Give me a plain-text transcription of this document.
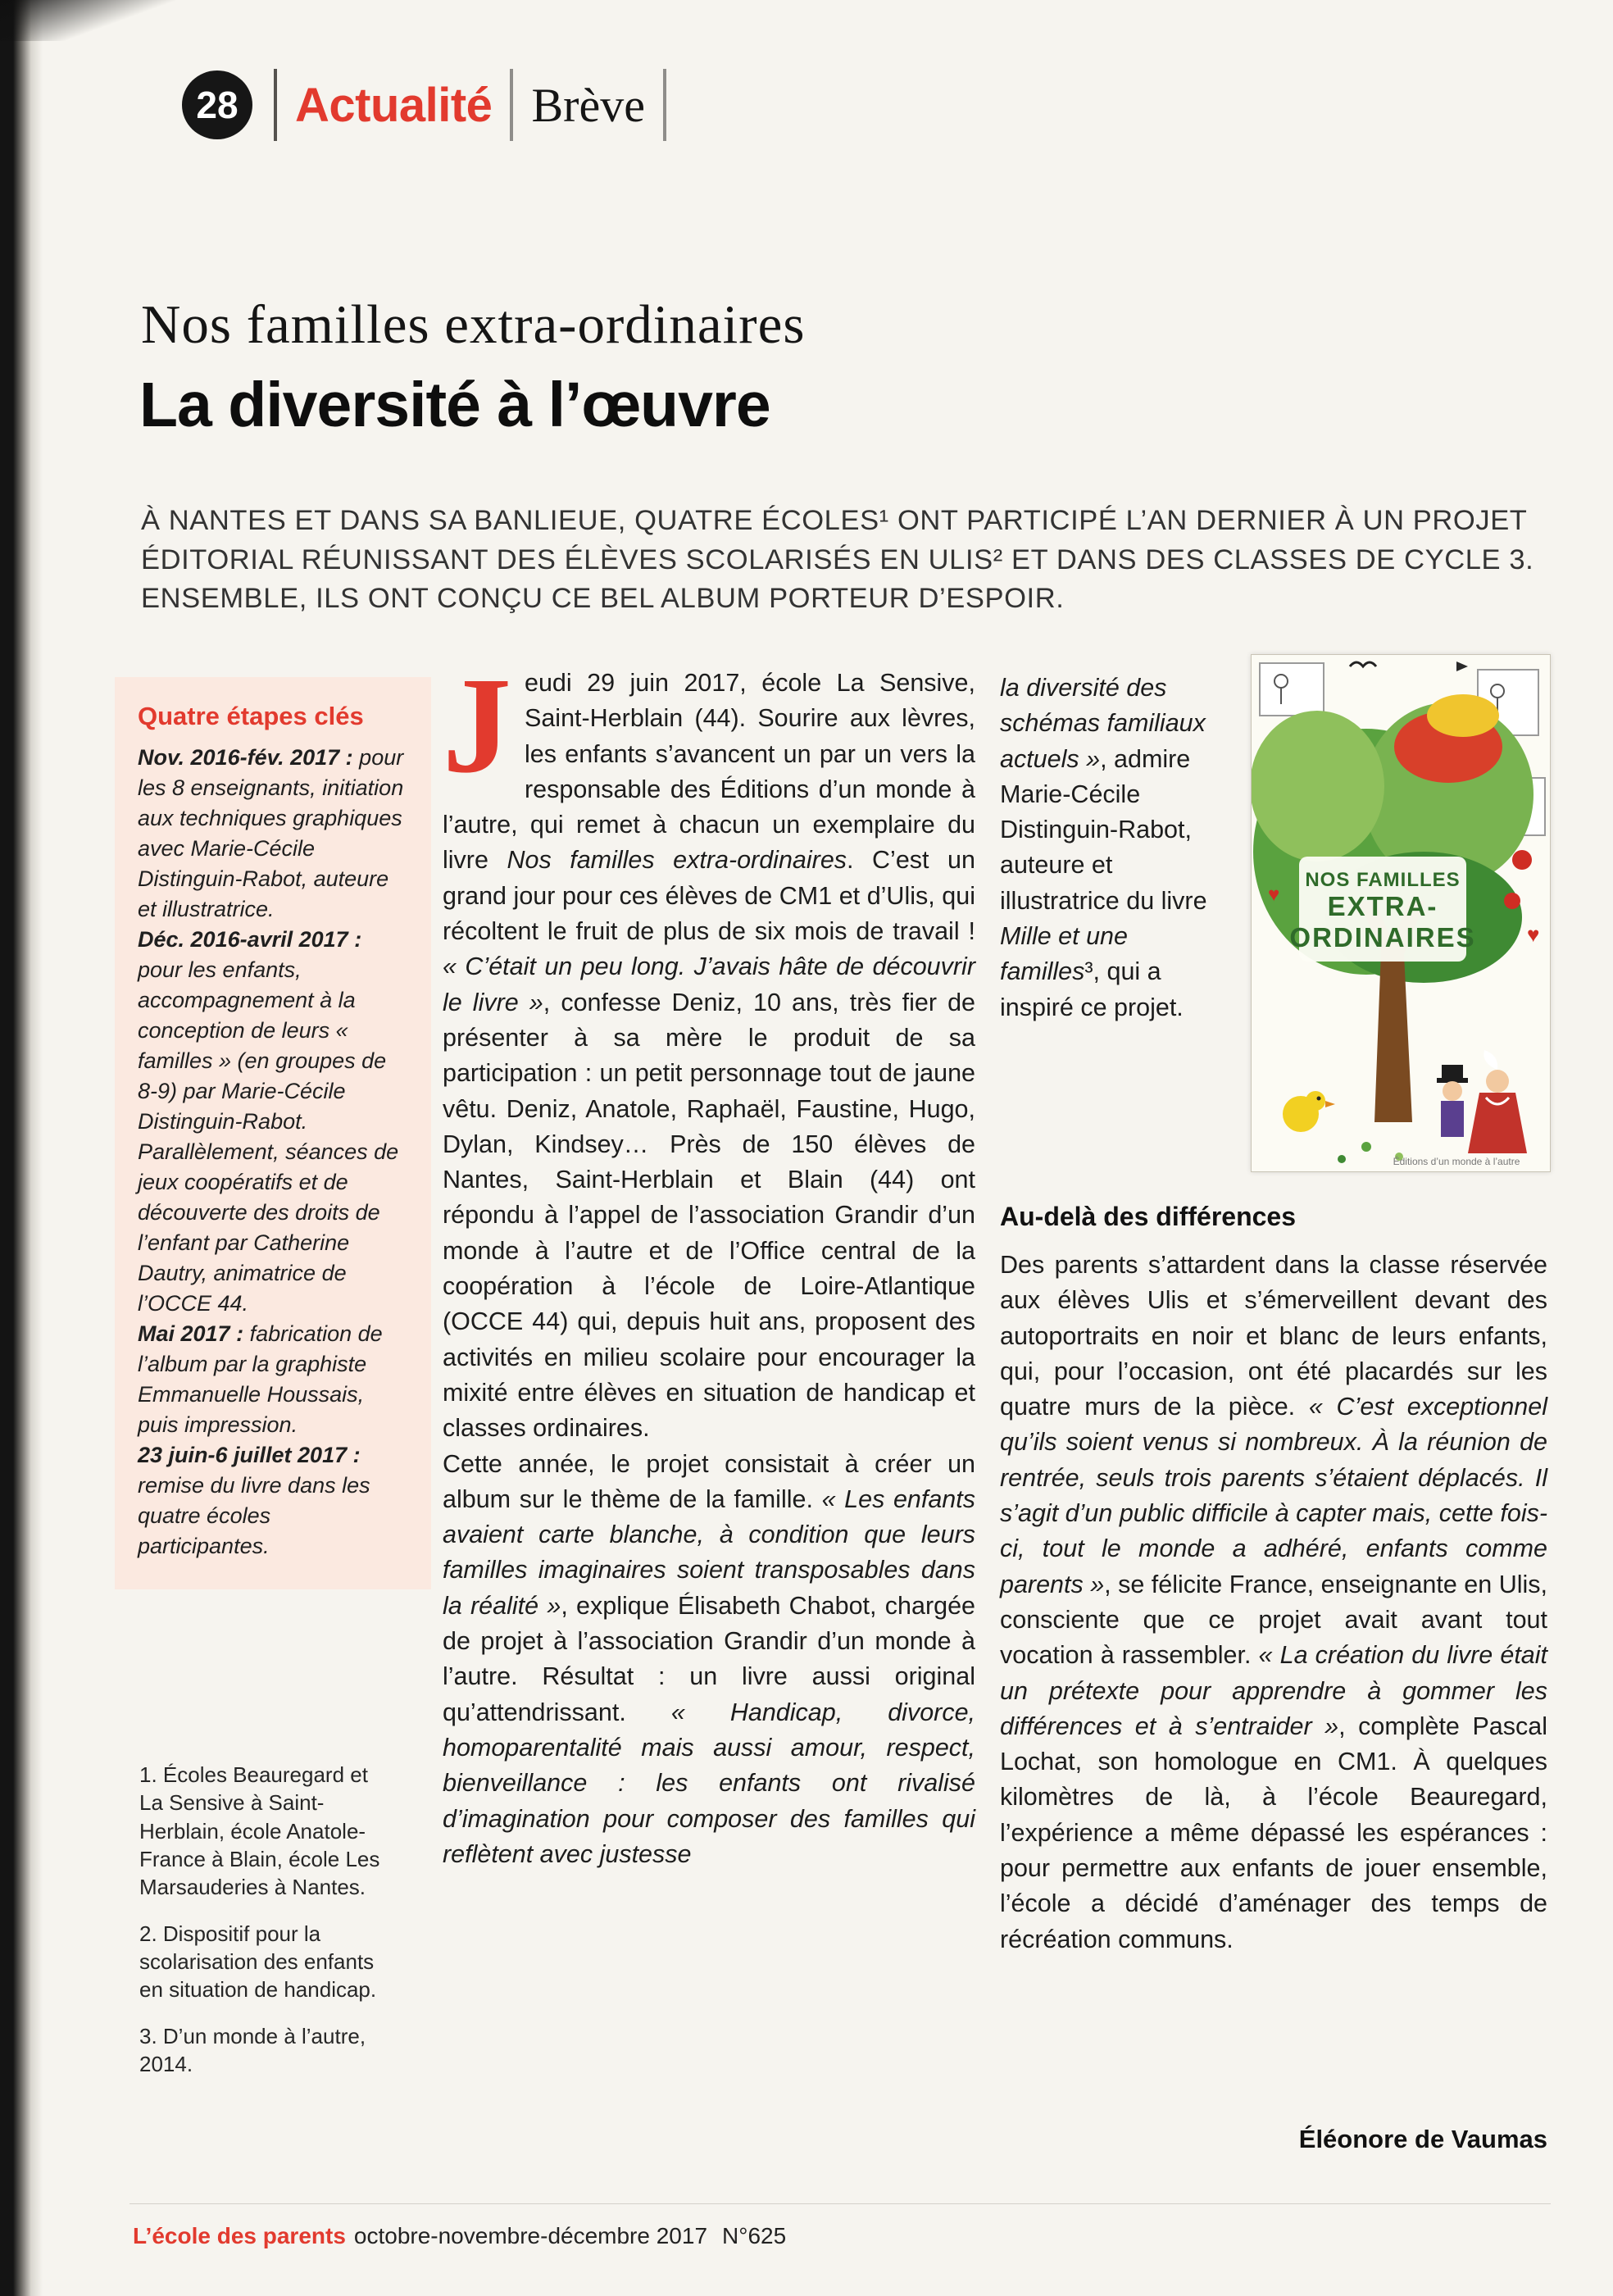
28	Actualité Brève
Nos familles extra-ordinaires
La diversité à l’œuvre
À NANTES ET DANS SA BANLIEUE, QUATRE ÉCOLES¹ ONT PARTICIPÉ L’AN DERNIER À UN PROJET ÉDITORIAL RÉUNISSANT DES ÉLÈVES SCOLARISÉS EN ULIS² ET DANS DES CLASSES DE CYCLE 3. ENSEMBLE, ILS ONT CONÇU CE BEL ALBUM PORTEUR D’ESPOIR.
Quatre étapes clés
Nov. 2016-fév. 2017 : pour les 8 enseignants, initiation aux techniques graphiques avec Marie-Cécile Distinguin-Rabot, auteure et illustratrice.
Déc. 2016-avril 2017 : pour les enfants, accompagnement à la conception de leurs « familles » (en groupes de 8-9) par Marie-Cécile Distinguin-Rabot. Parallèlement, séances de jeux coopératifs et de découverte des droits de l’enfant par Catherine Dautry, animatrice de l’OCCE 44.
Mai 2017 : fabrication de l’album par la graphiste Emmanuelle Houssais, puis impression.
23 juin-6 juillet 2017 : remise du livre dans les quatre écoles participantes.

1. Écoles Beauregard et La Sensive à Saint-Herblain, école Anatole-France à Blain, école Les Marsauderies à Nantes.

2. Dispositif pour la scolarisation des enfants en situation de handicap.

3. D’un monde à l’autre, 2014.

Jeudi 29 juin 2017, école La Sensive, Saint-Herblain (44). Sourire aux lèvres, les enfants s’avancent un par un vers la responsable des Éditions d’un monde à l’autre, qui remet à chacun un exemplaire du livre Nos familles extra-ordinaires. C’est un grand jour pour ces élèves de CM1 et d’Ulis, qui récoltent le fruit de plus de six mois de travail ! « C’était un peu long. J’avais hâte de découvrir le livre », confesse Deniz, 10 ans, très fier de présenter à sa mère le produit de sa participation : un petit personnage tout de jaune vêtu. Deniz, Anatole, Raphaël, Faustine, Hugo, Dylan, Kindsey… Près de 150 élèves de Nantes, Saint-Herblain et Blain (44) ont répondu à l’appel de l’association Grandir d’un monde à l’autre et de l’Office central de la coopération à l’école de Loire-Atlantique (OCCE 44) qui, depuis huit ans, proposent des activités en milieu scolaire pour encourager la mixité entre élèves en situation de handicap et classes ordinaires.

Cette année, le projet consistait à créer un album sur le thème de la famille. « Les enfants avaient carte blanche, à condition que leurs familles imaginaires soient transposables dans la réalité », explique Élisabeth Chabot, chargée de projet à l’association Grandir d’un monde à l’autre. Résultat : un livre aussi original qu’attendrissant. « Handicap, divorce, homoparentalité mais aussi amour, respect, bienveillance : les enfants ont rivalisé d’imagination pour composer des familles qui reflètent avec justesse

la diversité des schémas familiaux actuels », admire Marie-Cécile Distinguin-Rabot, auteure et illustratrice du livre Mille et une familles³, qui a inspiré ce projet.
♥
♥
NOS FAMILLES
EXTRA-
ORDINAIRES
Éditions d’un monde à l’autre
Au-delà des différences
Des parents s’attardent dans la classe réservée aux élèves Ulis et s’émerveillent devant des autoportraits en noir et blanc de leurs enfants, qui, pour l’occasion, ont été placardés sur les quatre murs de la pièce. « C’est exceptionnel qu’ils soient venus si nombreux. À la réunion de rentrée, seuls trois parents s’étaient déplacés. Il s’agit d’un public difficile à capter mais, cette fois-ci, tout le monde a adhéré, enfants comme parents », se félicite France, enseignante en Ulis, consciente que ce projet avait avant tout vocation à rassembler. « La création du livre était un prétexte pour apprendre à gommer les différences et à s’entraider », complète Pascal Lochat, son homologue en CM1. À quelques kilomètres de là, à l’école Beauregard, l’expérience a même dépassé les espérances : pour permettre aux enfants de jouer ensemble, l’école a décidé d’aménager des temps de récréation communs.
Éléonore de Vaumas
L’école des parents octobre-novembre-décembre 2017 N°625
